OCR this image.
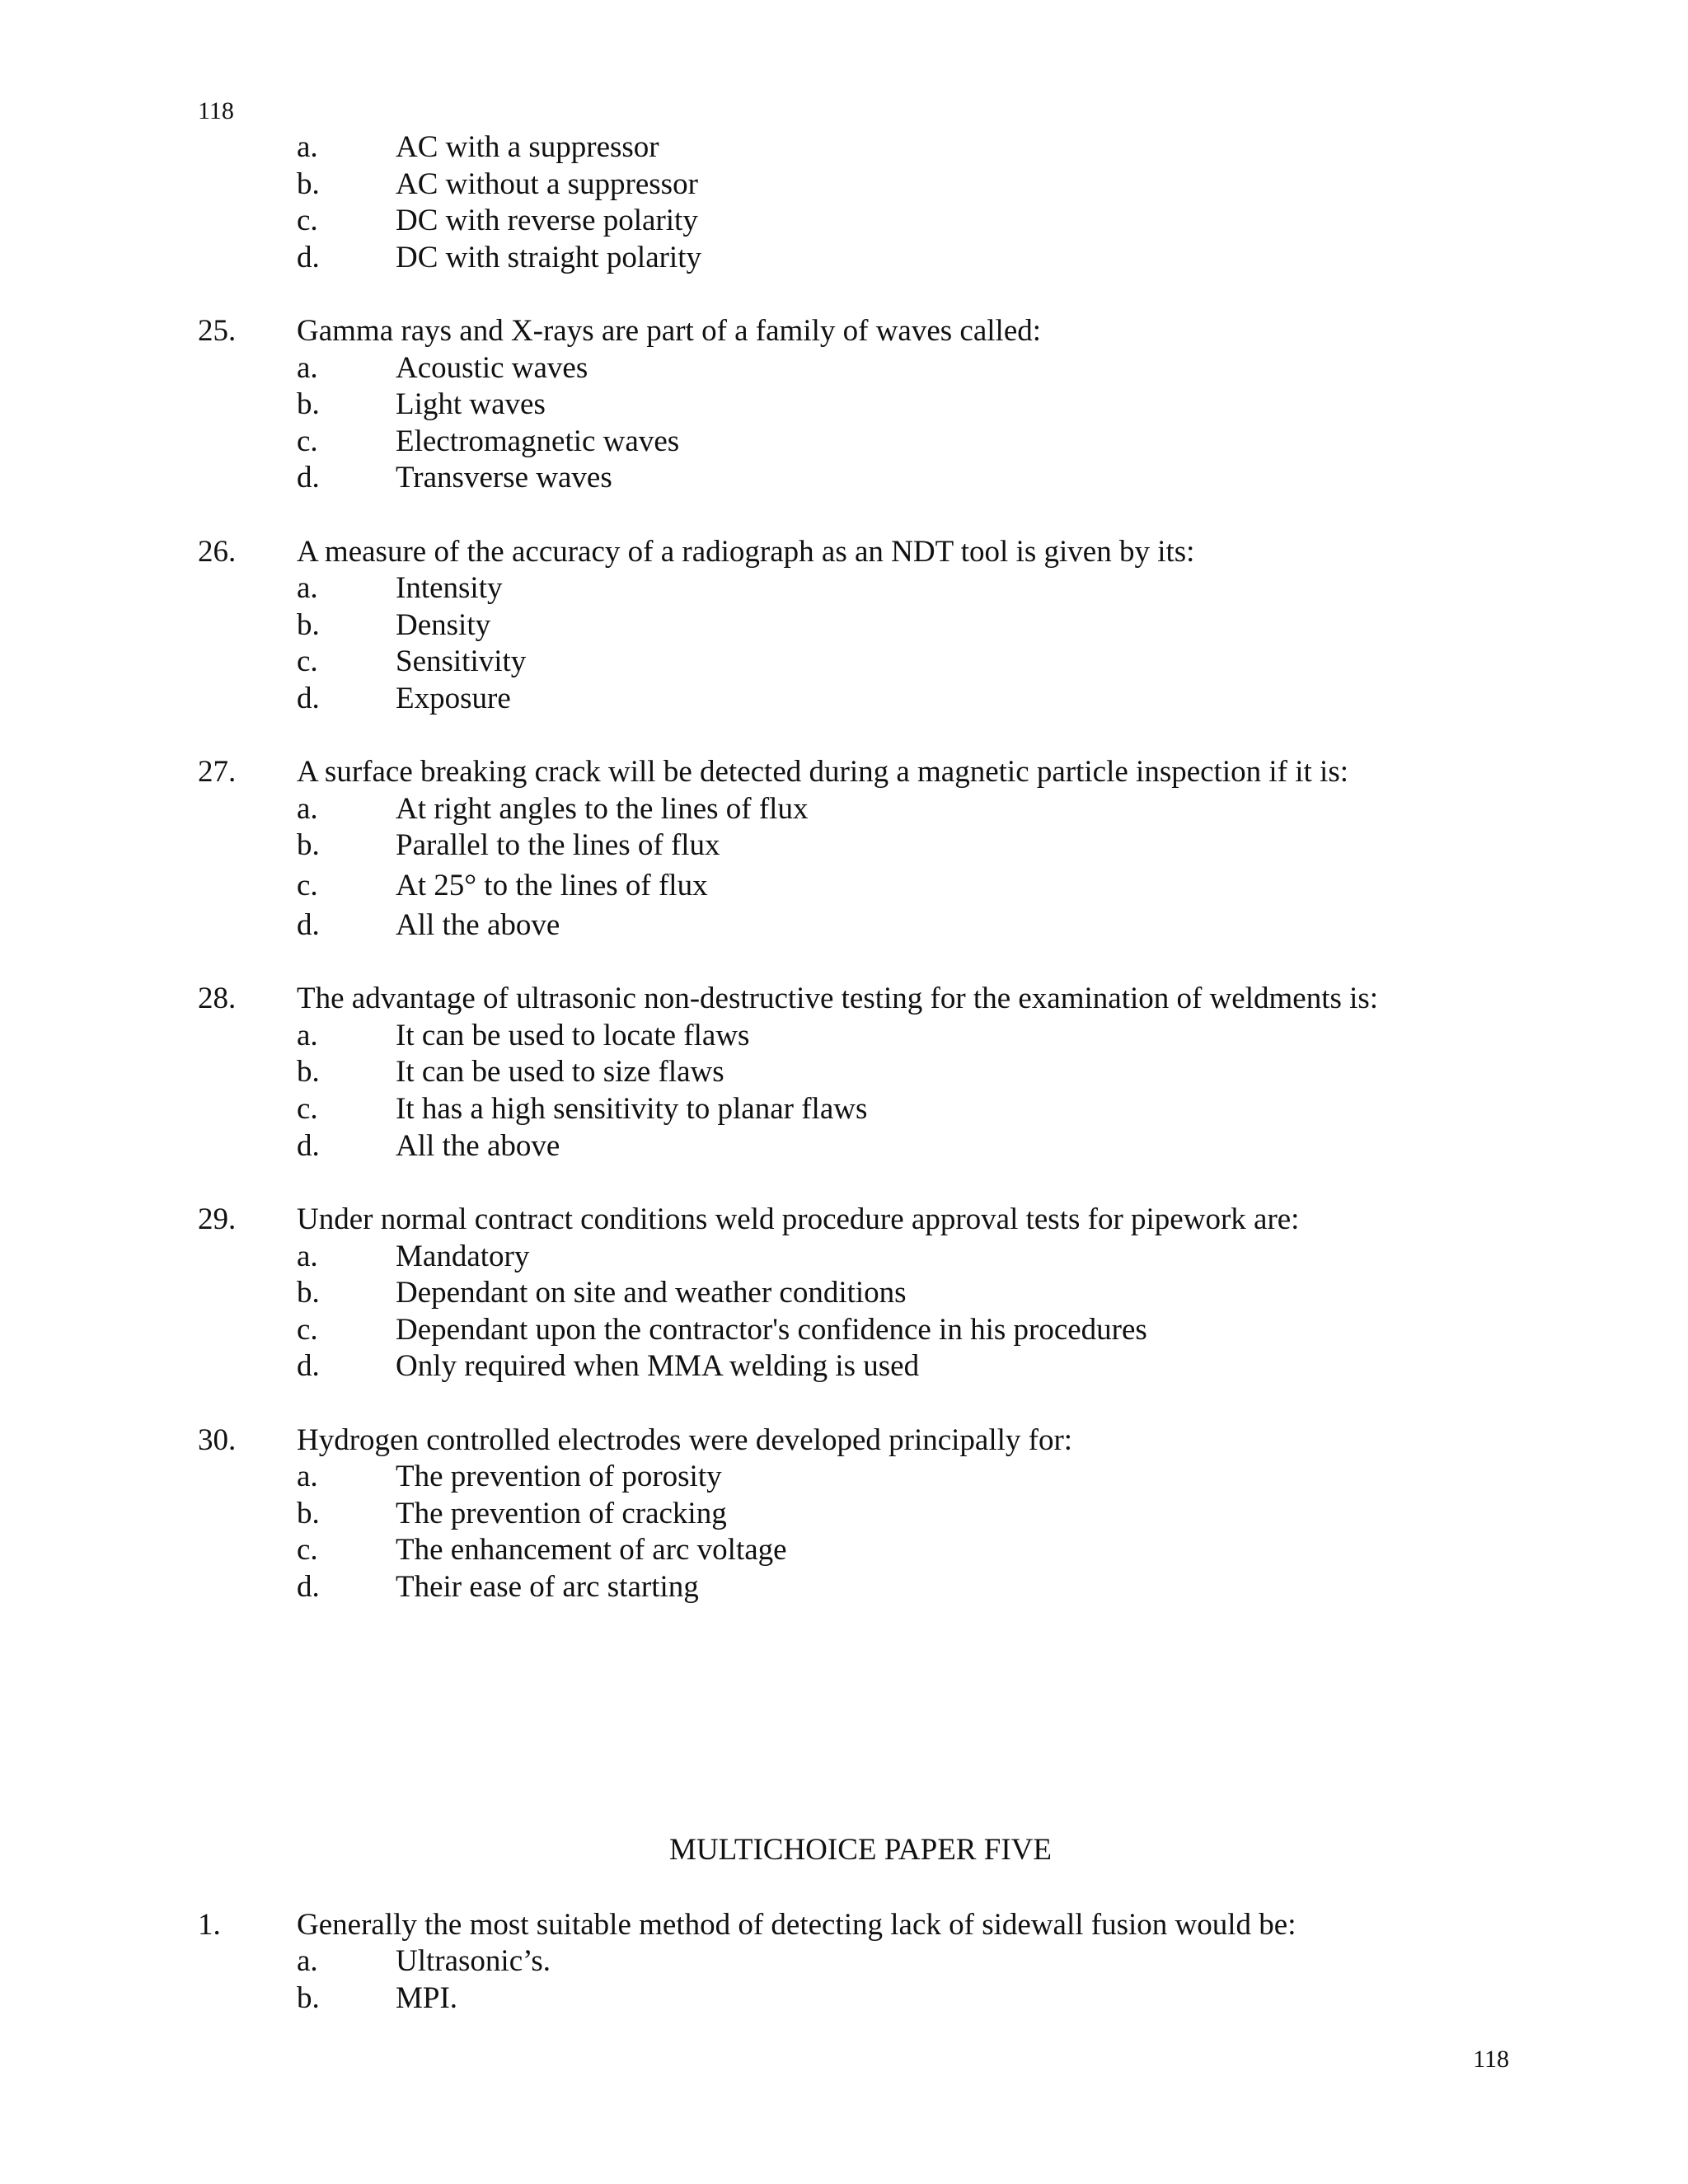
118
a.	AC with a suppressor
b. AC without a suppressor
c.	DC with reverse polarity
d. DC with straight polarity
25. Gamma rays and X-rays are part of a family of waves called:
a.	Acoustic waves
b. Light waves
c.	Electromagnetic waves
d. Transverse waves
26. A measure of the accuracy of a radiograph as an NDT tool is given by its:
a.	Intensity
b. Density
c.	Sensitivity
d. Exposure
27. A surface breaking crack will be detected during a magnetic particle inspection if it is:
a.	At right angles to the lines of flux
b. Parallel to the lines of flux
c.	At 25° to the lines of flux
d. All the above
28. The advantage of ultrasonic non-destructive testing for the examination of weldments is:
a.	It can be used to locate flaws
b. It can be used to size flaws
c.	It has a high sensitivity to planar flaws
d. All the above
29. Under normal contract conditions weld procedure approval tests for pipework are:
a.	Mandatory
b. Dependant on site and weather conditions
c.	Dependant upon the contractor's confidence in his procedures
d. Only required when MMA welding is used
30. Hydrogen controlled electrodes were developed principally for:
a.	The prevention of porosity
b. The prevention of cracking
c.	The enhancement of arc voltage
d. Their ease of arc starting
MULTICHOICE PAPER FIVE
1. Generally the most suitable method of detecting lack of sidewall fusion would be:
a.	Ultrasonic’s.
b. MPI.
118
